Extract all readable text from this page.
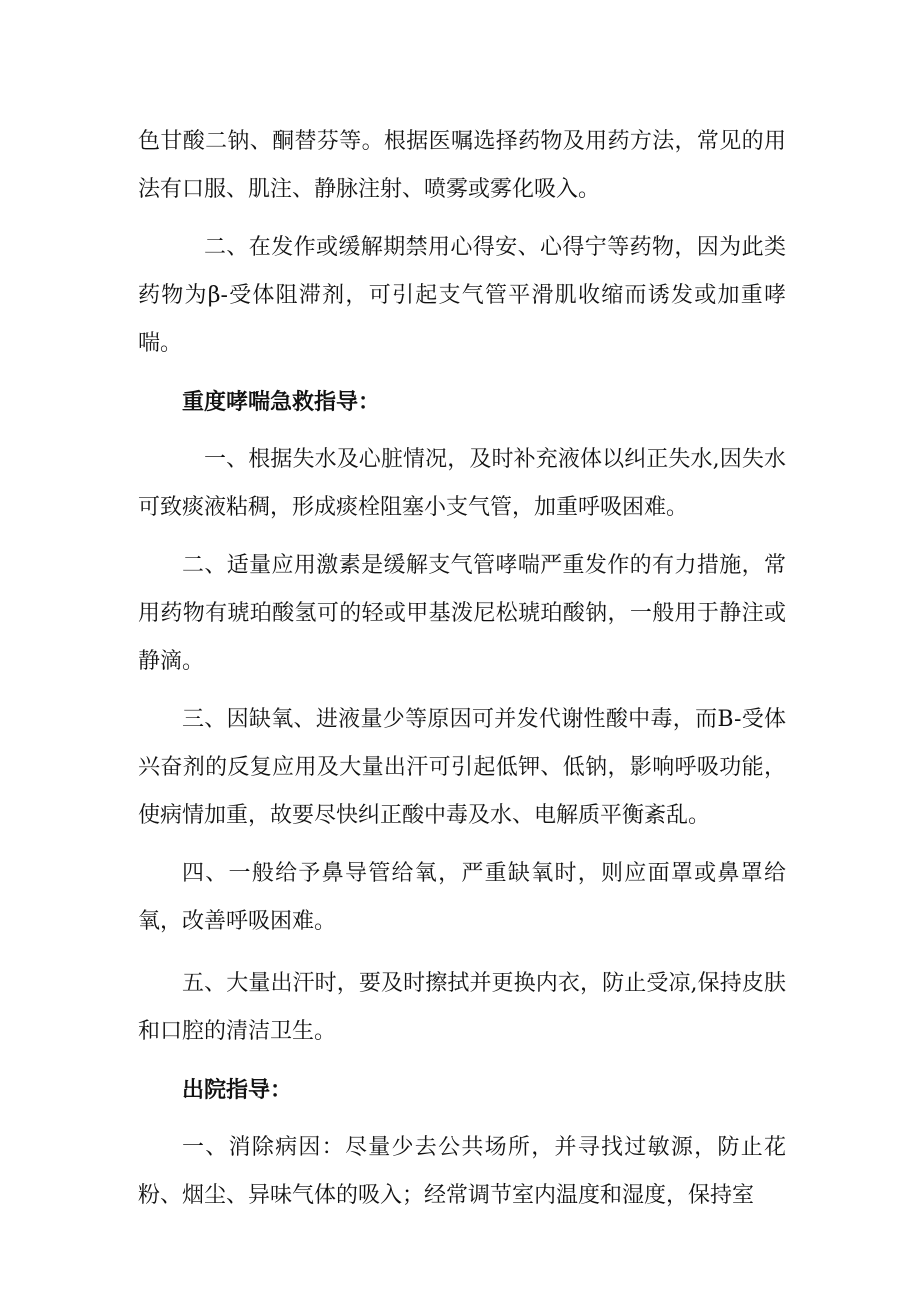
色甘酸二钠、酮替芬等。根据医嘱选择药物及用药方法，常见的用法有口服、肌注、静脉注射、喷雾或雾化吸入。

二、在发作或缓解期禁用心得安、心得宁等药物，因为此类药物为β-受体阻滞剂，可引起支气管平滑肌收缩而诱发或加重哮喘。

重度哮喘急救指导：

一、根据失水及心脏情况，及时补充液体以纠正失水,因失水可致痰液粘稠，形成痰栓阻塞小支气管，加重呼吸困难。

二、适量应用激素是缓解支气管哮喘严重发作的有力措施，常用药物有琥珀酸氢可的轻或甲基泼尼松琥珀酸钠，一般用于静注或静滴。

三、因缺氧、进液量少等原因可并发代谢性酸中毒，而B-受体兴奋剂的反复应用及大量出汗可引起低钾、低钠，影响呼吸功能，使病情加重，故要尽快纠正酸中毒及水、电解质平衡紊乱。

四、一般给予鼻导管给氧，严重缺氧时，则应面罩或鼻罩给氧，改善呼吸困难。

五、大量出汗时，要及时擦拭并更换内衣，防止受凉,保持皮肤和口腔的清洁卫生。

出院指导：

一、消除病因：尽量少去公共场所，并寻找过敏源，防止花粉、烟尘、异味气体的吸入；经常调节室内温度和湿度，保持室
